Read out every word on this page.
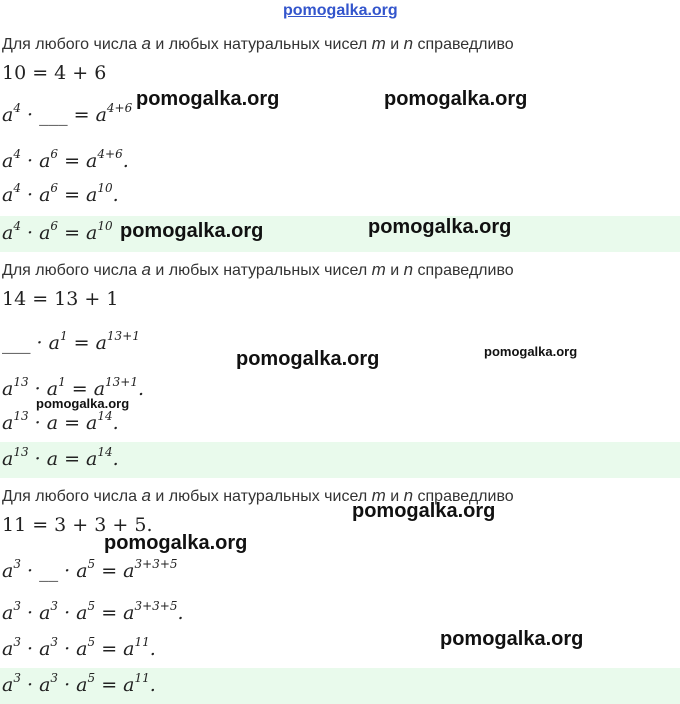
pomogalka.org
Для любого числа a и любых натуральных чисел m и n справедливо
10 = 4 + 6
$a^4$ · ___ = $a^{4+6}$
$a^4 \cdot a^6 = a^{4+6}$.
$a^4 \cdot a^6 = a^{10}$.
$a^4 \cdot a^6 = a^{10}$
Для любого числа a и любых натуральных чисел m и n справедливо
14 = 13 + 1
___ · $a^1 = a^{13+1}$
$a^{13} \cdot a^1 = a^{13+1}$.
$a^{13} \cdot a = a^{14}$.
$a^{13} \cdot a = a^{14}$.
Для любого числа a и любых натуральных чисел m и n справедливо
11 = 3 + 3 + 5.
$a^3$ · __ · $a^5 = a^{3+3+5}$
$a^3 \cdot a^3 \cdot a^5 = a^{3+3+5}$.
$a^3 \cdot a^3 \cdot a^5 = a^{11}$.
$a^3 \cdot a^3 \cdot a^5 = a^{11}$.
pomogalka.org	pomogalka.org
pomogalka.org	pomogalka.org
pomogalka.org	pomogalka.org
pomogalka.org
pomogalka.org
pomogalka.org
pomogalka.org
